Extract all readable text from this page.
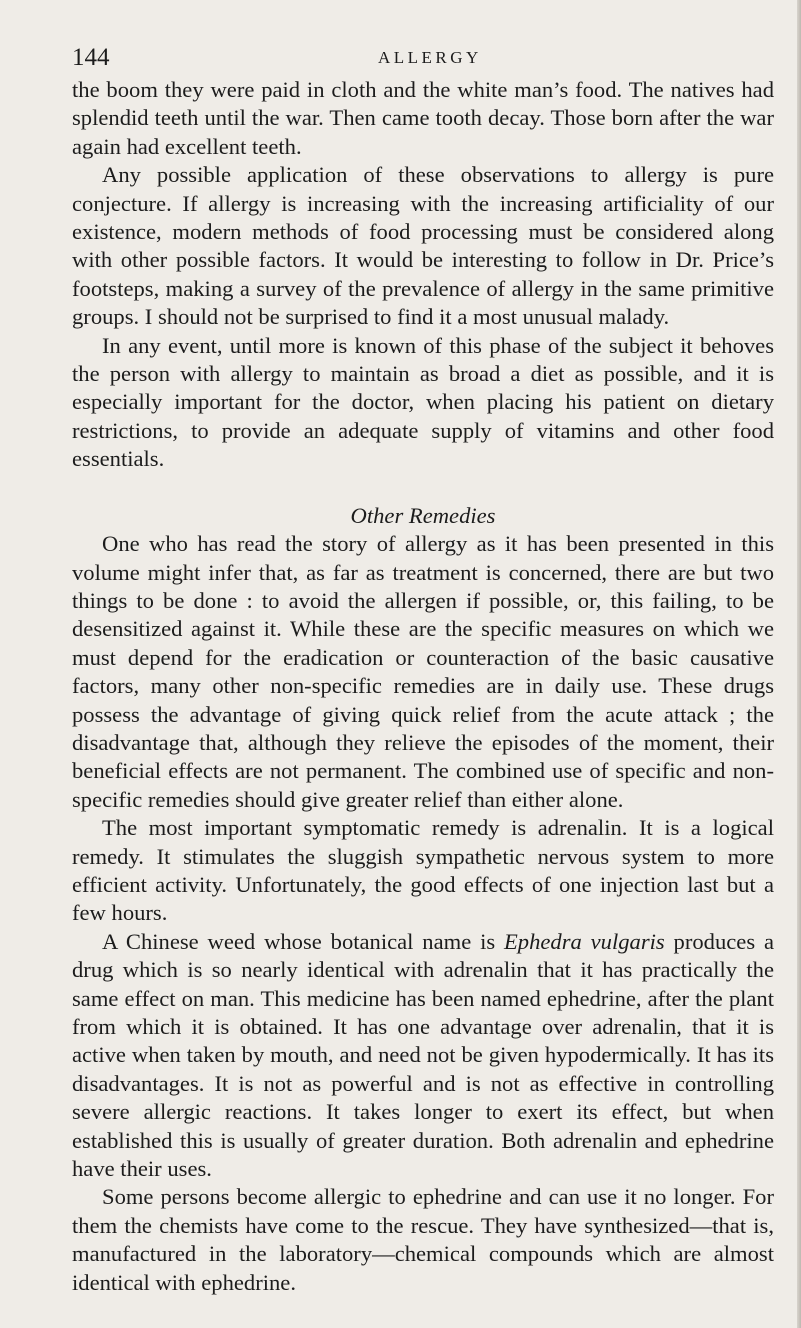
144	ALLERGY

the boom they were paid in cloth and the white man’s food. The natives had splendid teeth until the war. Then came tooth decay. Those born after the war again had excellent teeth.

Any possible application of these observations to allergy is pure conjecture. If allergy is increasing with the increasing artificiality of our existence, modern methods of food processing must be considered along with other possible factors. It would be interesting to follow in Dr. Price’s footsteps, making a survey of the prevalence of allergy in the same primitive groups. I should not be surprised to find it a most unusual malady.

In any event, until more is known of this phase of the subject it behoves the person with allergy to maintain as broad a diet as possible, and it is especially important for the doctor, when placing his patient on dietary restrictions, to provide an adequate supply of vitamins and other food essentials.

Other Remedies

One who has read the story of allergy as it has been presented in this volume might infer that, as far as treatment is concerned, there are but two things to be done : to avoid the allergen if possible, or, this failing, to be desensitized against it. While these are the specific measures on which we must depend for the eradication or counteraction of the basic causative factors, many other non-specific remedies are in daily use. These drugs possess the advantage of giving quick relief from the acute attack ; the disadvantage that, although they relieve the episodes of the moment, their beneficial effects are not permanent. The combined use of specific and non-specific remedies should give greater relief than either alone.

The most important symptomatic remedy is adrenalin. It is a logical remedy. It stimulates the sluggish sympathetic nervous system to more efficient activity. Unfortunately, the good effects of one injection last but a few hours.

A Chinese weed whose botanical name is Ephedra vulgaris produces a drug which is so nearly identical with adrenalin that it has practically the same effect on man. This medicine has been named ephedrine, after the plant from which it is obtained. It has one advantage over adrenalin, that it is active when taken by mouth, and need not be given hypodermically. It has its disadvantages. It is not as powerful and is not as effective in controlling severe allergic reactions. It takes longer to exert its effect, but when established this is usually of greater duration. Both adrenalin and ephedrine have their uses.

Some persons become allergic to ephedrine and can use it no longer. For them the chemists have come to the rescue. They have synthesized—that is, manufactured in the laboratory—chemical compounds which are almost identical with ephedrine.
